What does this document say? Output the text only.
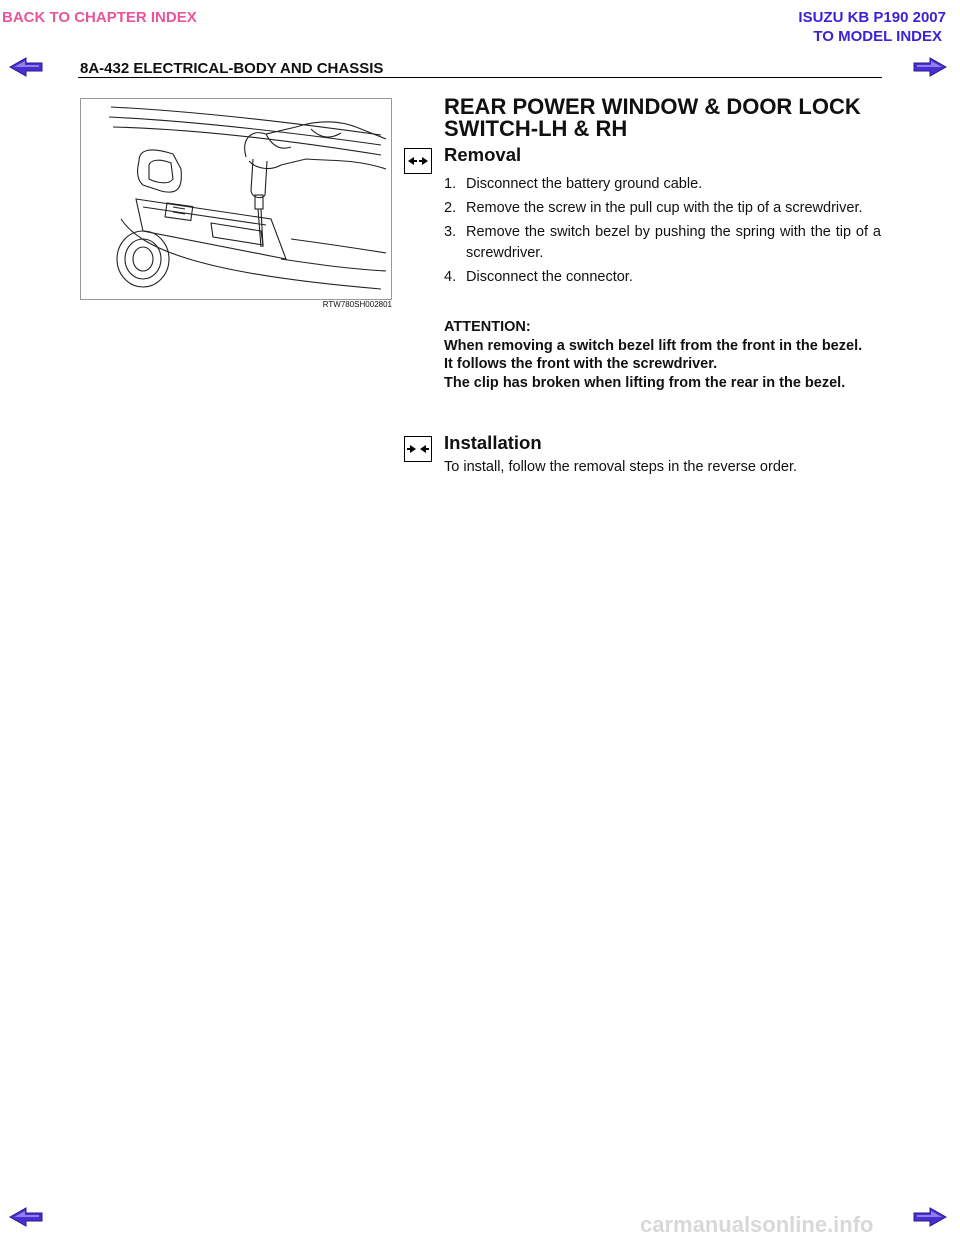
BACK TO CHAPTER INDEX	ISUZU KB P190 2007
TO MODEL INDEX
8A-432 ELECTRICAL-BODY AND CHASSIS
RTW780SH002801
REAR POWER WINDOW & DOOR LOCK
SWITCH-LH & RH
Removal
1. Disconnect the battery ground cable.
2. Remove the screw in the pull cup with the tip of a screwdriver.
3. Remove the switch bezel by pushing the spring with the tip of a screwdriver.
4. Disconnect the connector.
ATTENTION:
When removing a switch bezel lift from the front in the bezel.
It follows the front with the screwdriver.
The clip has broken when lifting from the rear in the bezel.
Installation
To install, follow the removal steps in the reverse order.
carmanualsonline.info
